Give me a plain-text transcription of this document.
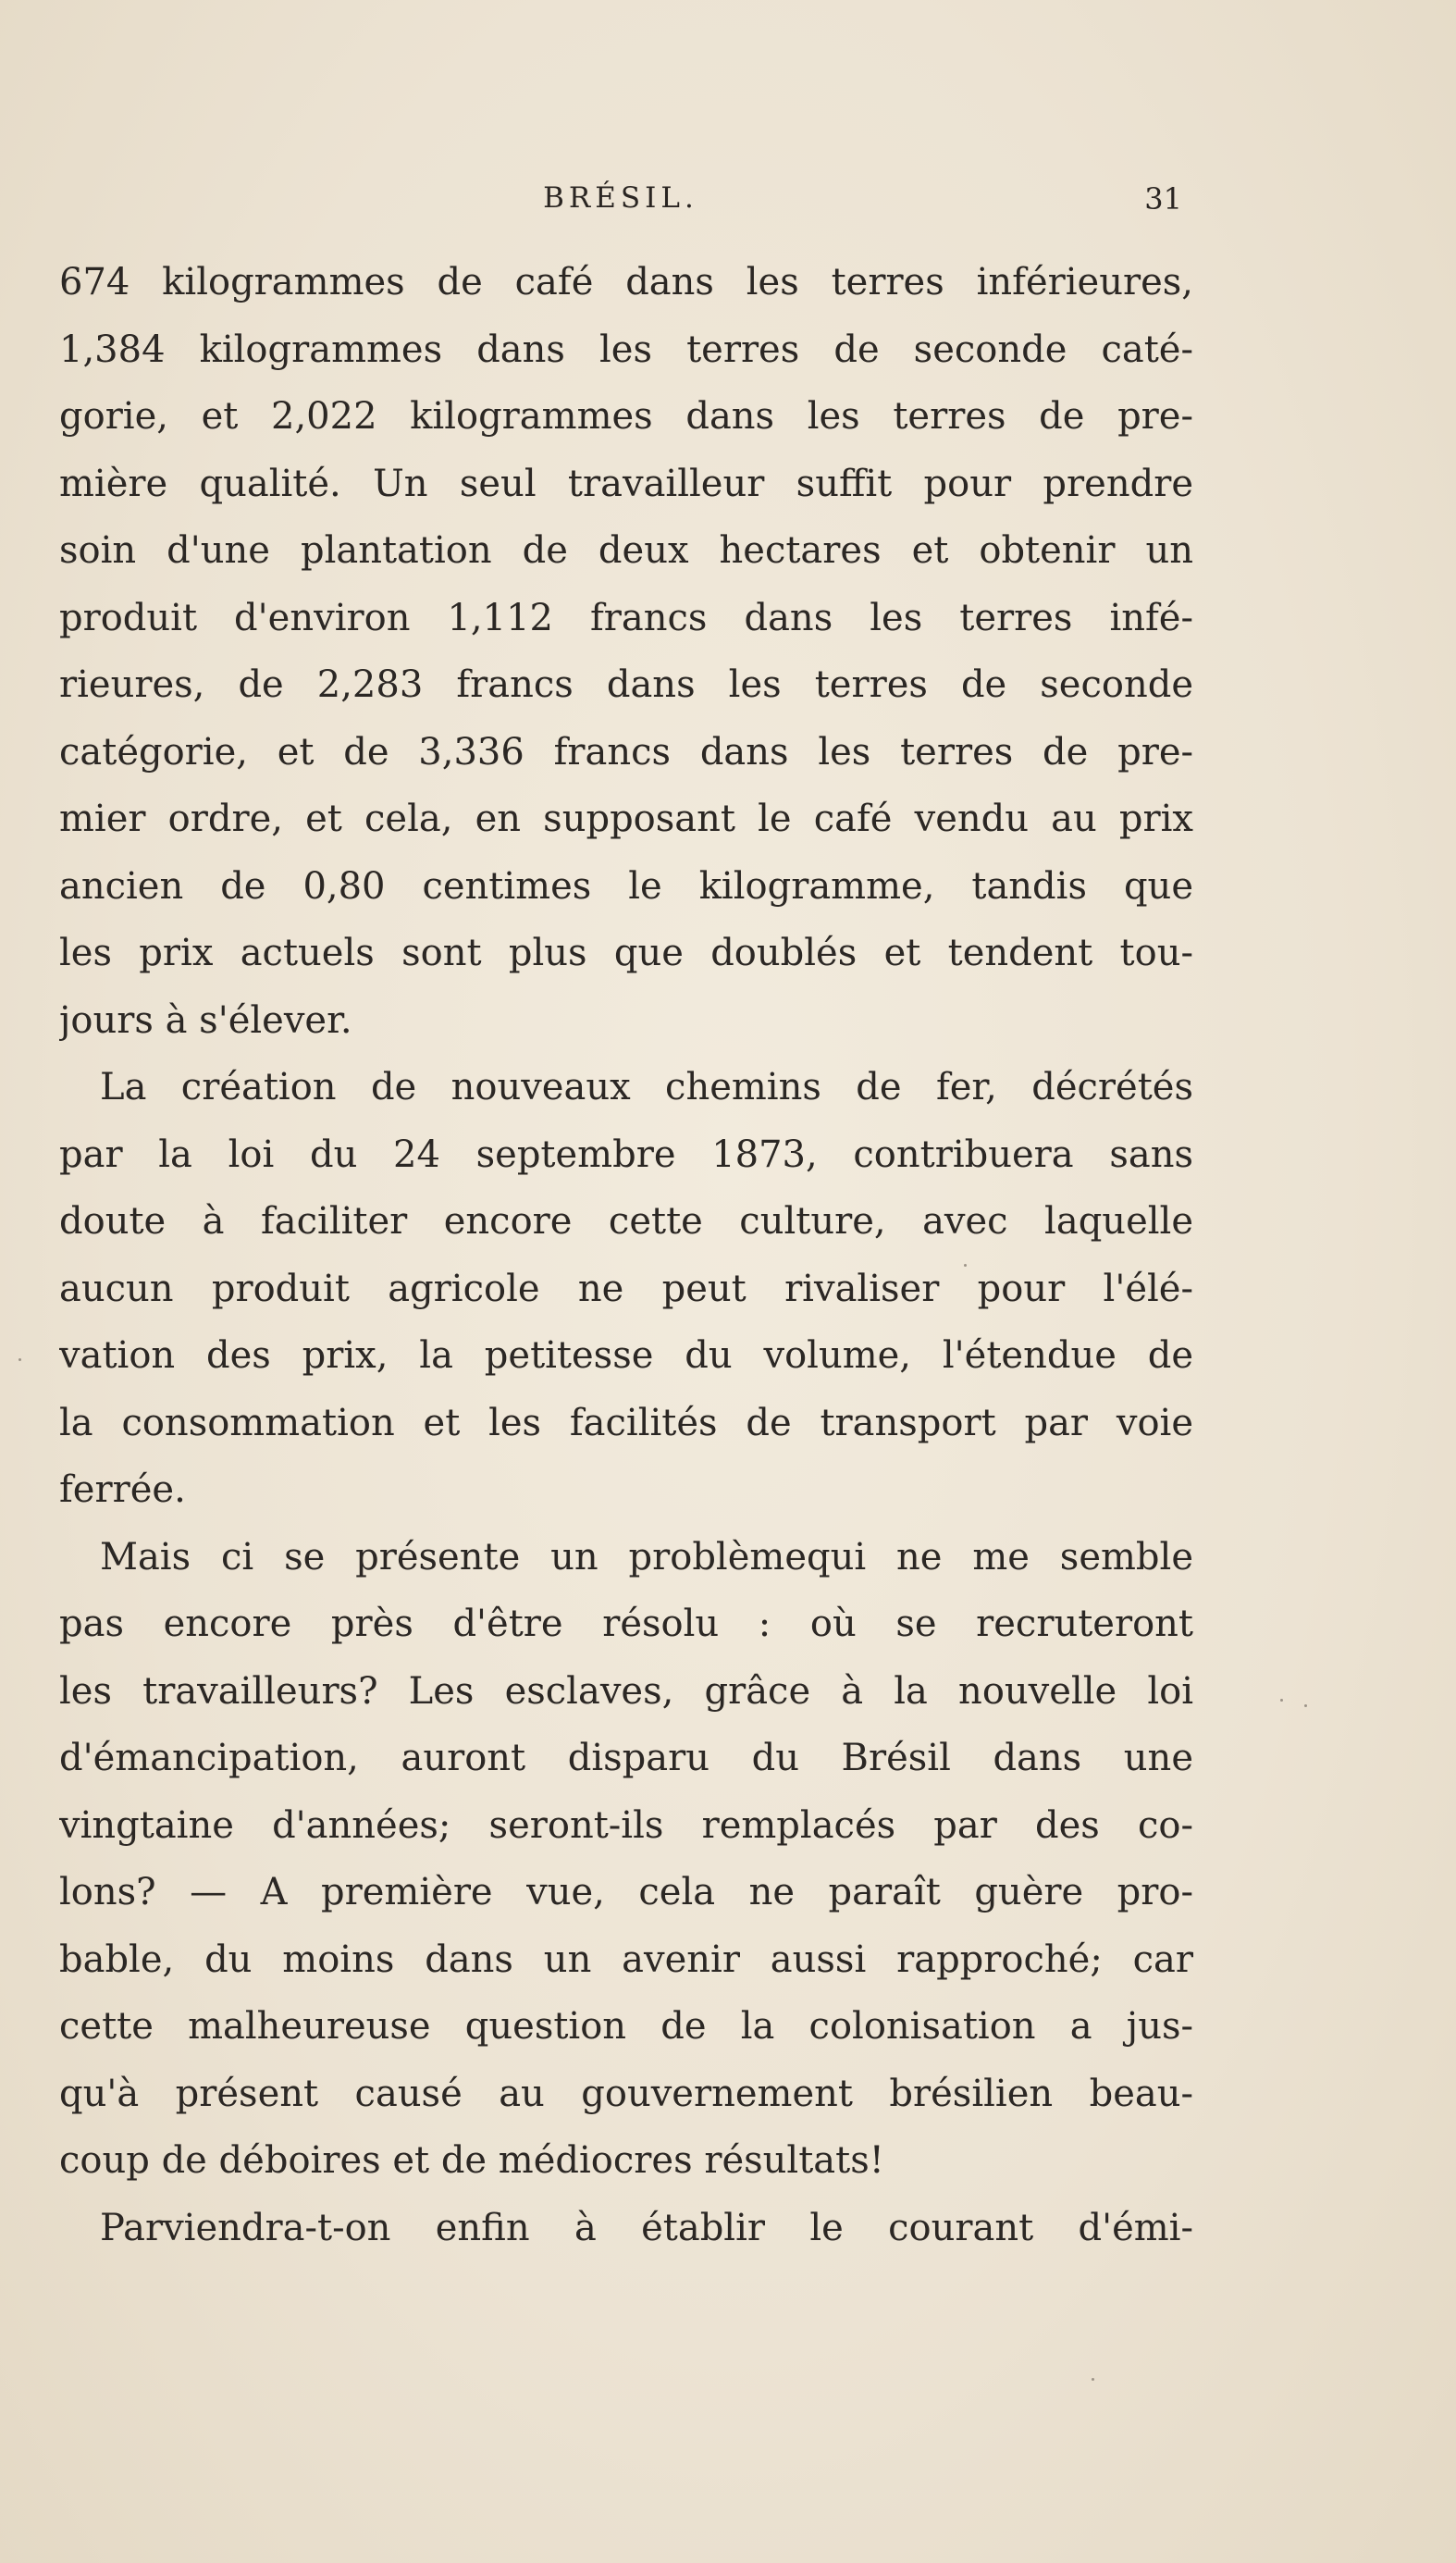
BRÉSIL.	31
674 kilogrammes de café dans les terres inférieures,
1,384 kilogrammes dans les terres de seconde caté-
gorie, et 2,022 kilogrammes dans les terres de pre-
mière qualité. Un seul travailleur suffit pour prendre
soin d'une plantation de deux hectares et obtenir un
produit d'environ 1,112 francs dans les terres infé-
rieures, de 2,283 francs dans les terres de seconde
catégorie, et de 3,336 francs dans les terres de pre-
mier ordre, et cela, en supposant le café vendu au prix
ancien de 0,80 centimes le kilogramme, tandis que
les prix actuels sont plus que doublés et tendent tou-
jours à s'élever.
La création de nouveaux chemins de fer, décrétés
par la loi du 24 septembre 1873, contribuera sans
doute à faciliter encore cette culture, avec laquelle
aucun produit agricole ne peut rivaliser pour l'élé-
vation des prix, la petitesse du volume, l'étendue de
la consommation et les facilités de transport par voie
ferrée.
Mais ci se présente un problèmequi ne me semble
pas encore près d'être résolu : où se recruteront
les travailleurs? Les esclaves, grâce à la nouvelle loi
d'émancipation, auront disparu du Brésil dans une
vingtaine d'années; seront-ils remplacés par des co-
lons? — A première vue, cela ne paraît guère pro-
bable, du moins dans un avenir aussi rapproché; car
cette malheureuse question de la colonisation a jus-
qu'à présent causé au gouvernement brésilien beau-
coup de déboires et de médiocres résultats!
Parviendra-t-on enfin à établir le courant d'émi-
